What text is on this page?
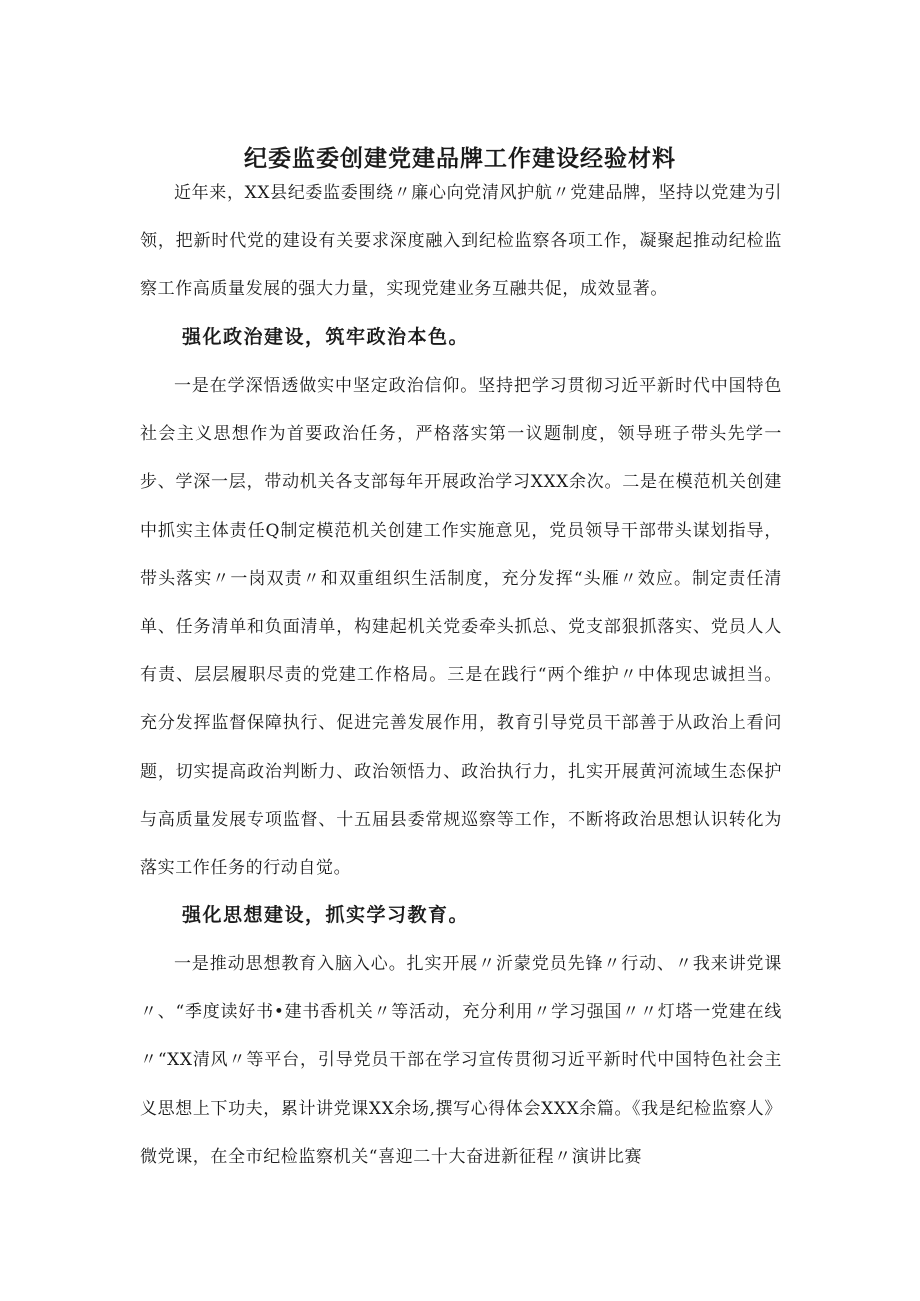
纪委监委创建党建品牌工作建设经验材料

近年来，XX县纪委监委围绕〃廉心向党清风护航〃党建品牌，坚持以党建为引领，把新时代党的建设有关要求深度融入到纪检监察各项工作，凝聚起推动纪检监察工作高质量发展的强大力量，实现党建业务互融共促，成效显著。

强化政治建设，筑牢政治本色。

一是在学深悟透做实中坚定政治信仰。坚持把学习贯彻习近平新时代中国特色社会主义思想作为首要政治任务，严格落实第一议题制度，领导班子带头先学一步、学深一层，带动机关各支部每年开展政治学习XXX余次。二是在模范机关创建中抓实主体责任Q制定模范机关创建工作实施意见，党员领导干部带头谋划指导，带头落实〃一岗双责〃和双重组织生活制度，充分发挥“头雁〃效应。制定责任清单、任务清单和负面清单，构建起机关党委牵头抓总、党支部狠抓落实、党员人人有责、层层履职尽责的党建工作格局。三是在践行“两个维护〃中体现忠诚担当。充分发挥监督保障执行、促进完善发展作用，教育引导党员干部善于从政治上看问题，切实提高政治判断力、政治领悟力、政治执行力，扎实开展黄河流域生态保护与高质量发展专项监督、十五届县委常规巡察等工作，不断将政治思想认识转化为落实工作任务的行动自觉。

强化思想建设，抓实学习教育。

一是推动思想教育入脑入心。扎实开展〃沂蒙党员先锋〃行动、〃我来讲党课〃、“季度读好书•建书香机关〃等活动，充分利用〃学习强国〃〃灯塔一党建在线〃“XX清风〃等平台，引导党员干部在学习宣传贯彻习近平新时代中国特色社会主义思想上下功夫，累计讲党课XX余场,撰写心得体会XXX余篇。《我是纪检监察人》微党课，在全市纪检监察机关“喜迎二十大奋进新征程〃演讲比赛
